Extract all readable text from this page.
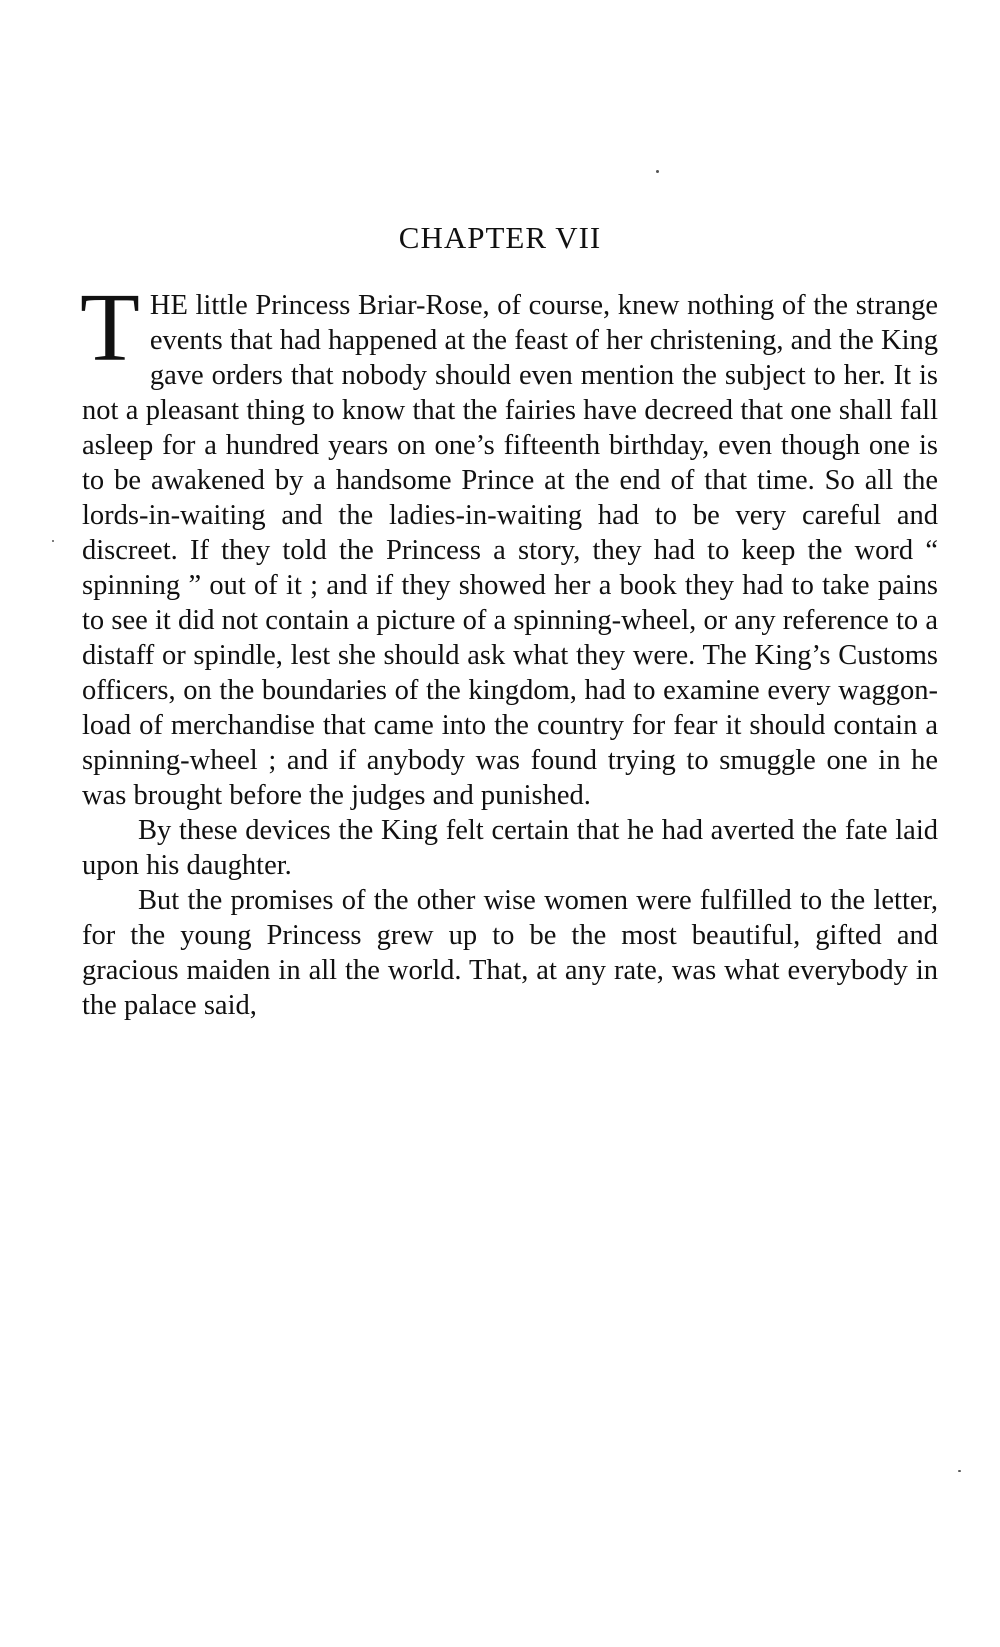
CHAPTER VII

THE little Princess Briar-Rose, of course, knew nothing of the strange events that had happened at the feast of her christening, and the King gave orders that nobody should even mention the subject to her. It is not a pleasant thing to know that the fairies have decreed that one shall fall asleep for a hundred years on one’s fifteenth birthday, even though one is to be awakened by a handsome Prince at the end of that time. So all the lords-in-waiting and the ladies-in-waiting had to be very careful and discreet. If they told the Princess a story, they had to keep the word “ spinning ” out of it ; and if they showed her a book they had to take pains to see it did not contain a picture of a spinning-wheel, or any reference to a distaff or spindle, lest she should ask what they were. The King’s Customs officers, on the boundaries of the kingdom, had to examine every waggon-load of merchandise that came into the country for fear it should contain a spinning-wheel ; and if anybody was found trying to smuggle one in he was brought before the judges and punished.

By these devices the King felt certain that he had averted the fate laid upon his daughter.

But the promises of the other wise women were fulfilled to the letter, for the young Princess grew up to be the most beautiful, gifted and gracious maiden in all the world. That, at any rate, was what everybody in the palace said,
